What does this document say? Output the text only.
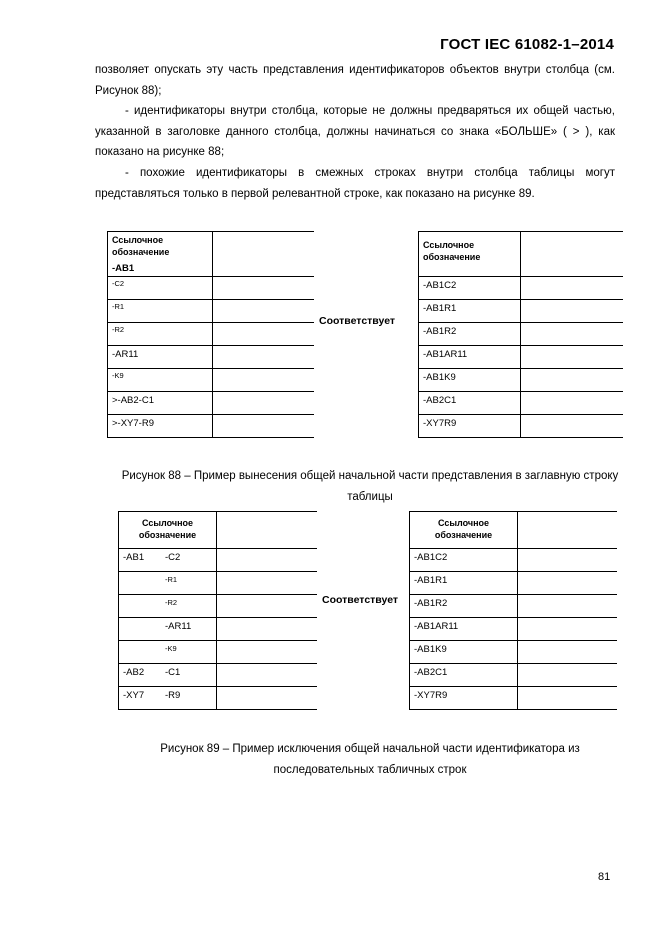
ГОСТ IEC 61082-1–2014
позволяет опускать эту часть представления идентификаторов объектов внутри столбца (см. Рисунок 88);
- идентификаторы внутри столбца, которые не должны предваряться их общей частью, указанной в заголовке данного столбца, должны начинаться со знака «БОЛЬШЕ» ( > ), как показано на рисунке 88;
- похожие идентификаторы в смежных строках внутри столбца таблицы могут представляться только в первой релевантной строке, как показано на рисунке 89.
Ссылочное обозначение
-AB1	

-C2	
-R1	
-R2	
-AR11	
-K9	
>-AB2-C1	
>-XY7-R9	
Соответствует
Ссылочное обозначение	

-AB1C2	
-AB1R1	
-AB1R2	
-AB1AR11	
-AB1K9	
-AB2C1	
-XY7R9	
Рисунок 88 – Пример вынесения общей начальной части представления в заглавную строку таблицы
Ссылочное обозначение	

-AB1 -C2	

-R1	

-R2	

-AR11	

-K9	

-AB2 -C1	

-XY7 -R9	

Соответствует
Ссылочное обозначение	

-AB1C2	
-AB1R1	
-AB1R2	
-AB1AR11	
-AB1K9	
-AB2C1	
-XY7R9	
Рисунок 89 – Пример исключения общей начальной части идентификатора из последовательных табличных строк
81
